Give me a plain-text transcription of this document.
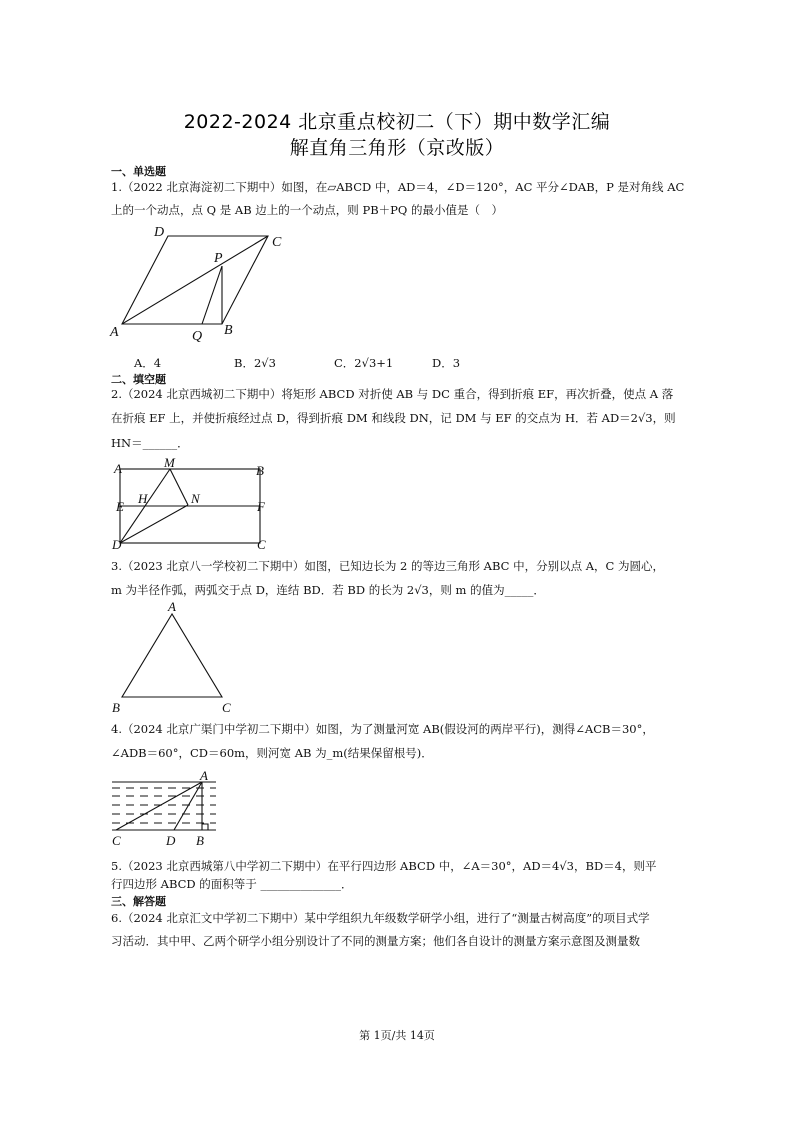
2022-2024 北京重点校初二（下）期中数学汇编
解直角三角形（京改版）
一、单选题
1.（2022 北京海淀初二下期中）如图，在▱ABCD 中，AD＝4，∠D＝120°，AC 平分∠DAB，P 是对角线 AC
上的一个动点，点 Q 是 AB 边上的一个动点，则 PB＋PQ 的最小值是（　）
D
C
P
A	Q B
A．4	B．2√3	C．2√3+1	D．3
二、填空题
2.（2024 北京西城初二下期中）将矩形 ABCD 对折使 AB 与 DC 重合，得到折痕 EF，再次折叠，使点 A 落
在折痕 EF 上，并使折痕经过点 D，得到折痕 DM 和线段 DN，记 DM 与 EF 的交点为 H．若 AD＝2√3，则
HN＝______．
A	M
B
H	N
E	F
D	C
3.（2023 北京八一学校初二下期中）如图，已知边长为 2 的等边三角形 ABC 中，分别以点 A，C 为圆心，
m 为半径作弧，两弧交于点 D，连结 BD．若 BD 的长为 2√3，则 m 的值为_____．
A
B	C
4.（2024 北京广渠门中学初二下期中）如图，为了测量河宽 AB(假设河的两岸平行)，测得∠ACB＝30°，
∠ADB＝60°，CD＝60m，则河宽 AB 为_m(结果保留根号)．
A
C	D B
5.（2023 北京西城第八中学初二下期中）在平行四边形 ABCD 中，∠A＝30°，AD＝4√3，BD＝4，则平
行四边形 ABCD 的面积等于 ______________．
三、解答题
6.（2024 北京汇文中学初二下期中）某中学组织九年级数学研学小组，进行了“测量古树高度”的项目式学
习活动．其中甲、乙两个研学小组分别设计了不同的测量方案；他们各自设计的测量方案示意图及测量数
第 1页/共 14页
